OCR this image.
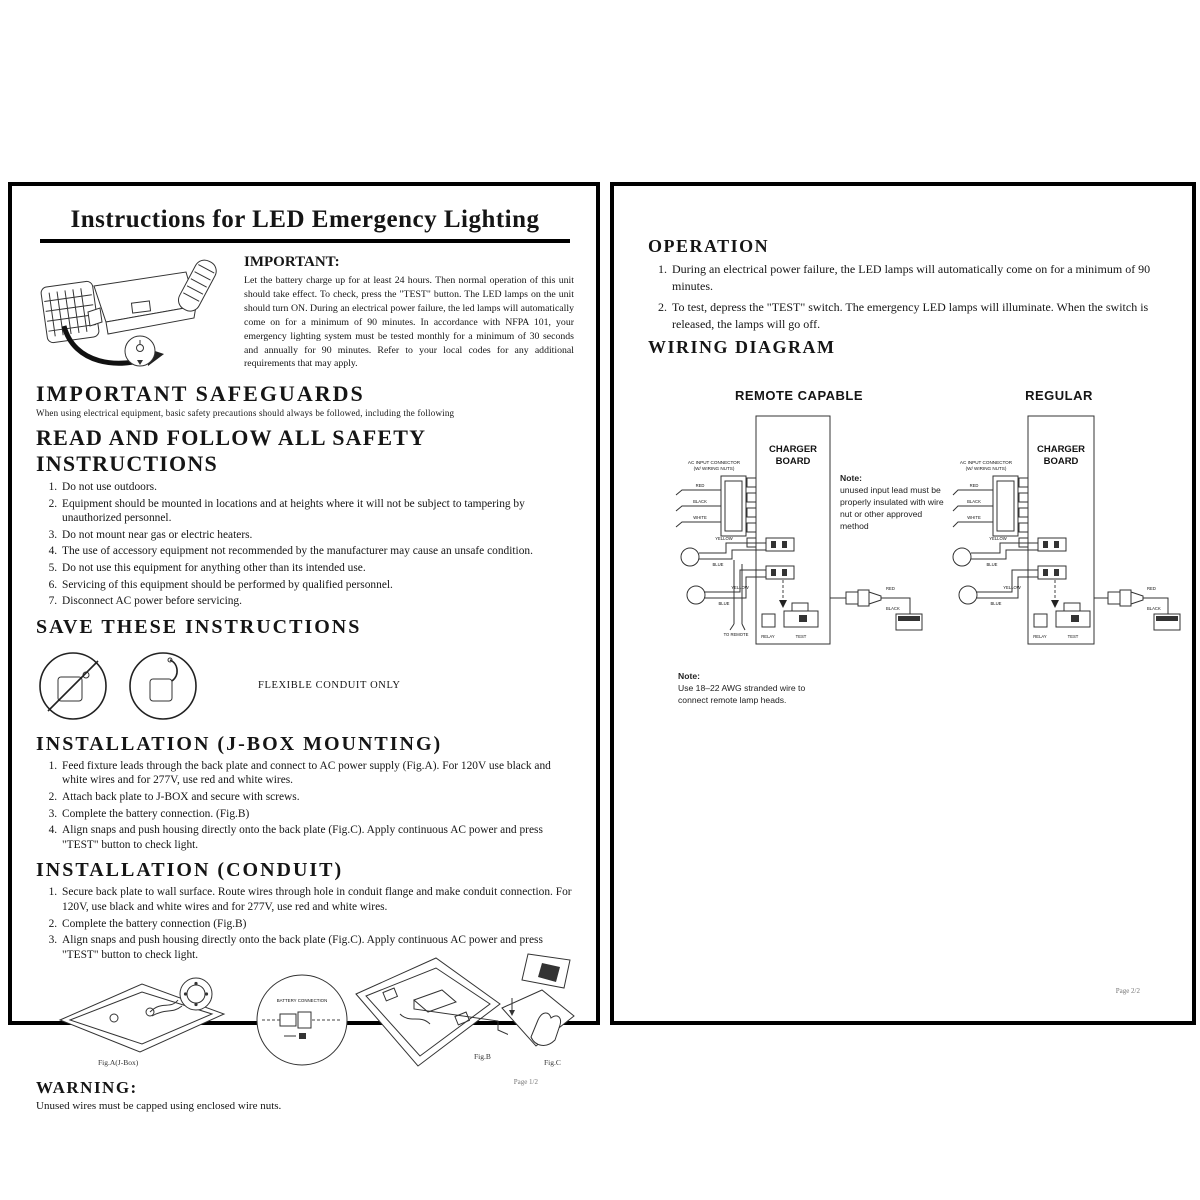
Instructions for LED Emergency Lighting
IMPORTANT:

Let the battery charge up for at least 24 hours. Then normal operation of this unit should take effect. To check, press the "TEST" button. The LED lamps on the unit should turn ON. During an electrical power failure, the led lamps will automatically come on for a minimum of 90 minutes. In accordance with NFPA 101, your emergency lighting system must be tested monthly for a minimum of 30 seconds and annually for 90 minutes. Refer to your local codes for any additional requirements that may apply.

IMPORTANT SAFEGUARDS
When using electrical equipment, basic safety precautions should always be followed, including the following
READ AND FOLLOW ALL SAFETY INSTRUCTIONS
1. Do not use outdoors.
2. Equipment should be mounted in locations and at heights where it will not be subject to tampering by unauthorized personnel.
3. Do not mount near gas or electric heaters.
4. The use of accessory equipment not recommended by the manufacturer may cause an unsafe condition.
5. Do not use this equipment for anything other than its intended use.
6. Servicing of this equipment should be performed by qualified personnel.
7. Disconnect AC power before servicing.
SAVE THESE INSTRUCTIONS
FLEXIBLE CONDUIT ONLY
INSTALLATION (J-BOX MOUNTING)
1. Feed fixture leads through the back plate and connect to AC power supply (Fig.A). For 120V use black and white wires and for 277V, use red and white wires.
2. Attach back plate to J-BOX and secure with screws.
3. Complete the battery connection. (Fig.B)
4. Align snaps and push housing directly onto the back plate (Fig.C). Apply continuous AC power and press "TEST" button to check light.
INSTALLATION (CONDUIT)
1. Secure back plate to wall surface. Route wires through hole in conduit flange and make conduit connection. For 120V, use black and white wires and for 277V, use red and white wires.
2. Complete the battery connection (Fig.B)
3. Align snaps and push housing directly onto the back plate (Fig.C). Apply continuous AC power and press "TEST" button to check light.
BATTERY CONNECTION
Fig.A(J-Box)
Fig.B
Fig.C
WARNING:

Unused wires must be capped using enclosed wire nuts.

Page 1/2
OPERATION
1. During an electrical power failure, the LED lamps will automatically come on for a minimum of 90 minutes.
2. To test, depress the "TEST" switch. The emergency LED lamps will illuminate. When the switch is released, the lamps will go off.
WIRING DIAGRAM
REMOTE CAPABLE	REGULAR
CHARGER
BOARD
AC INPUT CONNECTOR
(W/ WIRING NUTS)
RED
BLACK
WHITE
YELLOW
BLUE
YELLOW
BLUE
TO REMOTE	RELAY	TEST
RED
BLACK
CHARGER
BOARD
AC INPUT CONNECTOR
(W/ WIRING NUTS)
RED
BLACK
WHITE
YELLOW
BLUE
YELLOW
BLUE
RELAY	TEST
RED
BLACK
Note:
unused input lead must be properly insulated with wire nut or other approved method
Note:
Use 18–22 AWG stranded wire to connect remote lamp heads.
Page 2/2
